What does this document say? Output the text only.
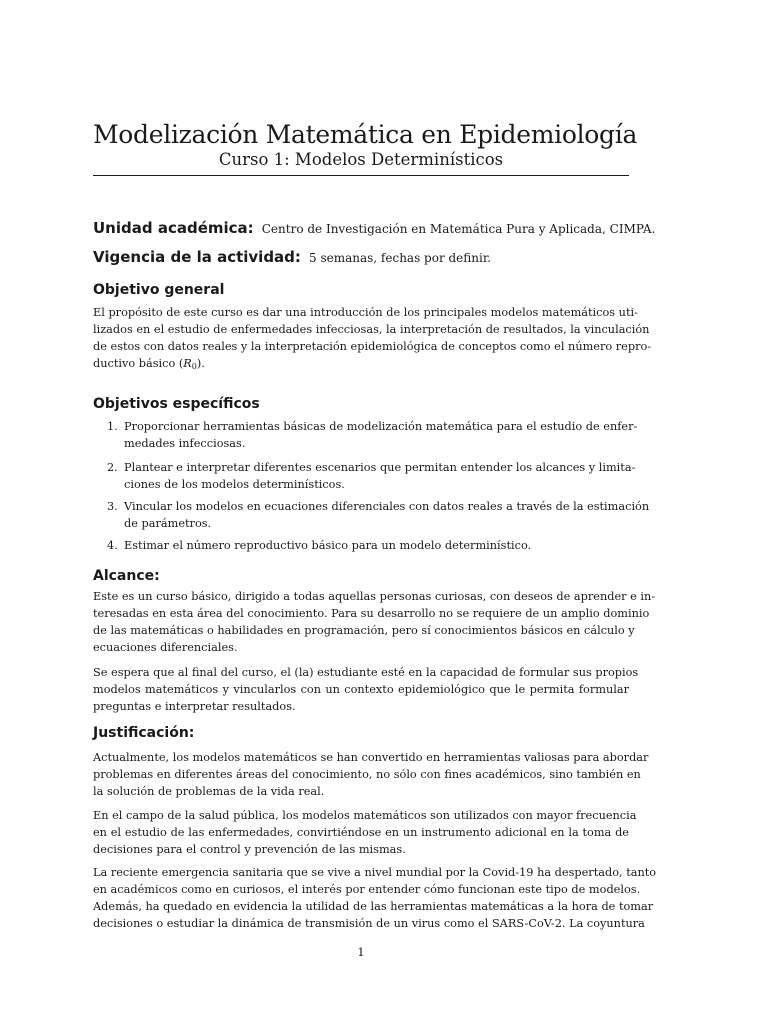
Modelización Matemática en Epidemiología
Curso 1: Modelos Determinísticos
Unidad académica: Centro de Investigación en Matemática Pura y Aplicada, CIMPA.
Vigencia de la actividad: 5 semanas, fechas por definir.
Objetivo general
El propósito de este curso es dar una introducción de los principales modelos matemáticos uti-
lizados en el estudio de enfermedades infecciosas, la interpretación de resultados, la vinculación
de estos con datos reales y la interpretación epidemiológica de conceptos como el número repro-
ductivo básico $(R_0)$.
Objetivos específicos
1. Proporcionar herramientas básicas de modelización matemática para el estudio de enfer-
medades infecciosas.
2. Plantear e interpretar diferentes escenarios que permitan entender los alcances y limita-
ciones de los modelos determinísticos.
3. Vincular los modelos en ecuaciones diferenciales con datos reales a través de la estimación
de parámetros.
4. Estimar el número reproductivo básico para un modelo determinístico.
Alcance:
Este es un curso básico, dirigido a todas aquellas personas curiosas, con deseos de aprender e in-
teresadas en esta área del conocimiento. Para su desarrollo no se requiere de un amplio dominio
de las matemáticas o habilidades en programación, pero sí conocimientos básicos en cálculo y
ecuaciones diferenciales.
Se espera que al final del curso, el (la) estudiante esté en la capacidad de formular sus propios
modelos matemáticos y vincularlos con un contexto epidemiológico que le permita formular
preguntas e interpretar resultados.
Justificación:
Actualmente, los modelos matemáticos se han convertido en herramientas valiosas para abordar
problemas en diferentes áreas del conocimiento, no sólo con fines académicos, sino también en
la solución de problemas de la vida real.
En el campo de la salud pública, los modelos matemáticos son utilizados con mayor frecuencia
en el estudio de las enfermedades, convirtiéndose en un instrumento adicional en la toma de
decisiones para el control y prevención de las mismas.
La reciente emergencia sanitaria que se vive a nivel mundial por la Covid-19 ha despertado, tanto
en académicos como en curiosos, el interés por entender cómo funcionan este tipo de modelos.
Además, ha quedado en evidencia la utilidad de las herramientas matemáticas a la hora de tomar
decisiones o estudiar la dinámica de transmisión de un virus como el SARS-CoV-2. La coyuntura
1
